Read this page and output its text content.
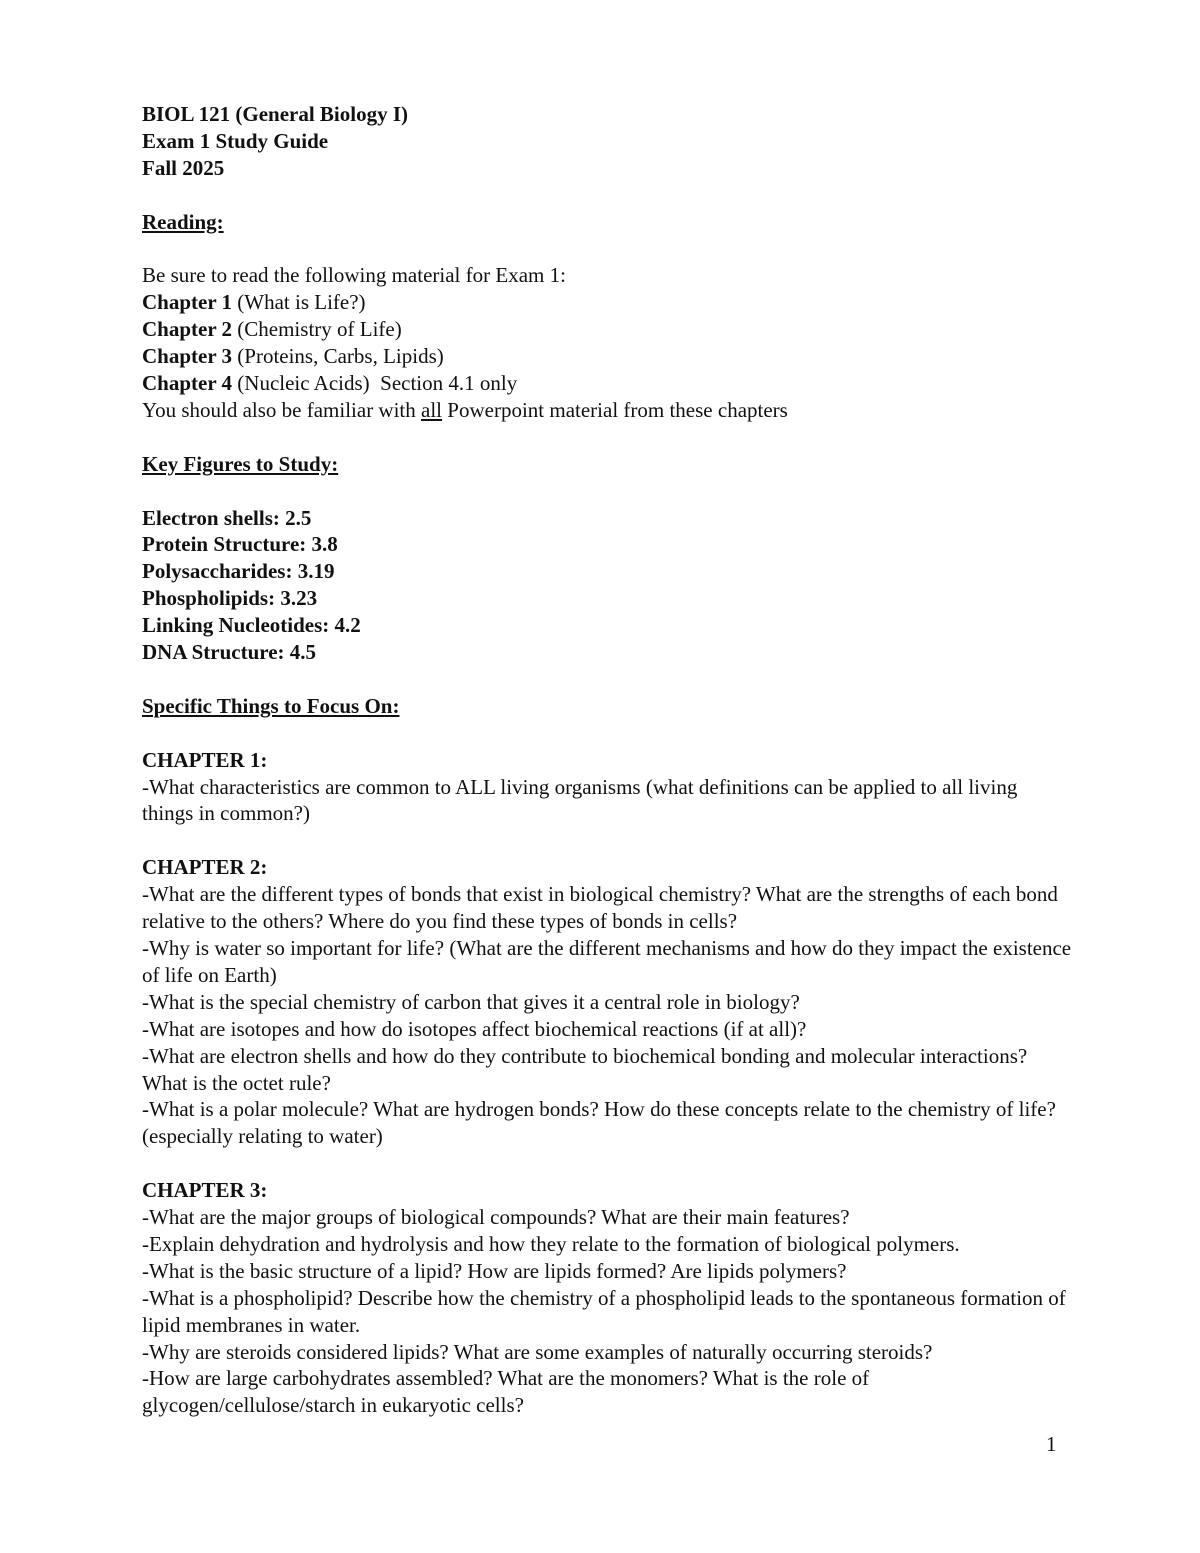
BIOL 121 (General Biology I)
Exam 1 Study Guide
Fall 2025
Reading:
Be sure to read the following material for Exam 1:
Chapter 1 (What is Life?)
Chapter 2 (Chemistry of Life)
Chapter 3 (Proteins, Carbs, Lipids)
Chapter 4 (Nucleic Acids)  Section 4.1 only
You should also be familiar with all Powerpoint material from these chapters
Key Figures to Study:
Electron shells: 2.5
Protein Structure: 3.8
Polysaccharides: 3.19
Phospholipids: 3.23
Linking Nucleotides: 4.2
DNA Structure: 4.5
Specific Things to Focus On:
CHAPTER 1:
-What characteristics are common to ALL living organisms (what definitions can be applied to all living things in common?)
CHAPTER 2:
-What are the different types of bonds that exist in biological chemistry? What are the strengths of each bond relative to the others? Where do you find these types of bonds in cells?
-Why is water so important for life? (What are the different mechanisms and how do they impact the existence of life on Earth)
-What is the special chemistry of carbon that gives it a central role in biology?
-What are isotopes and how do isotopes affect biochemical reactions (if at all)?
-What are electron shells and how do they contribute to biochemical bonding and molecular interactions? What is the octet rule?
-What is a polar molecule? What are hydrogen bonds? How do these concepts relate to the chemistry of life? (especially relating to water)
CHAPTER 3:
-What are the major groups of biological compounds? What are their main features?
-Explain dehydration and hydrolysis and how they relate to the formation of biological polymers.
-What is the basic structure of a lipid? How are lipids formed? Are lipids polymers?
-What is a phospholipid? Describe how the chemistry of a phospholipid leads to the spontaneous formation of lipid membranes in water.
-Why are steroids considered lipids? What are some examples of naturally occurring steroids?
-How are large carbohydrates assembled? What are the monomers? What is the role of glycogen/cellulose/starch in eukaryotic cells?
1
